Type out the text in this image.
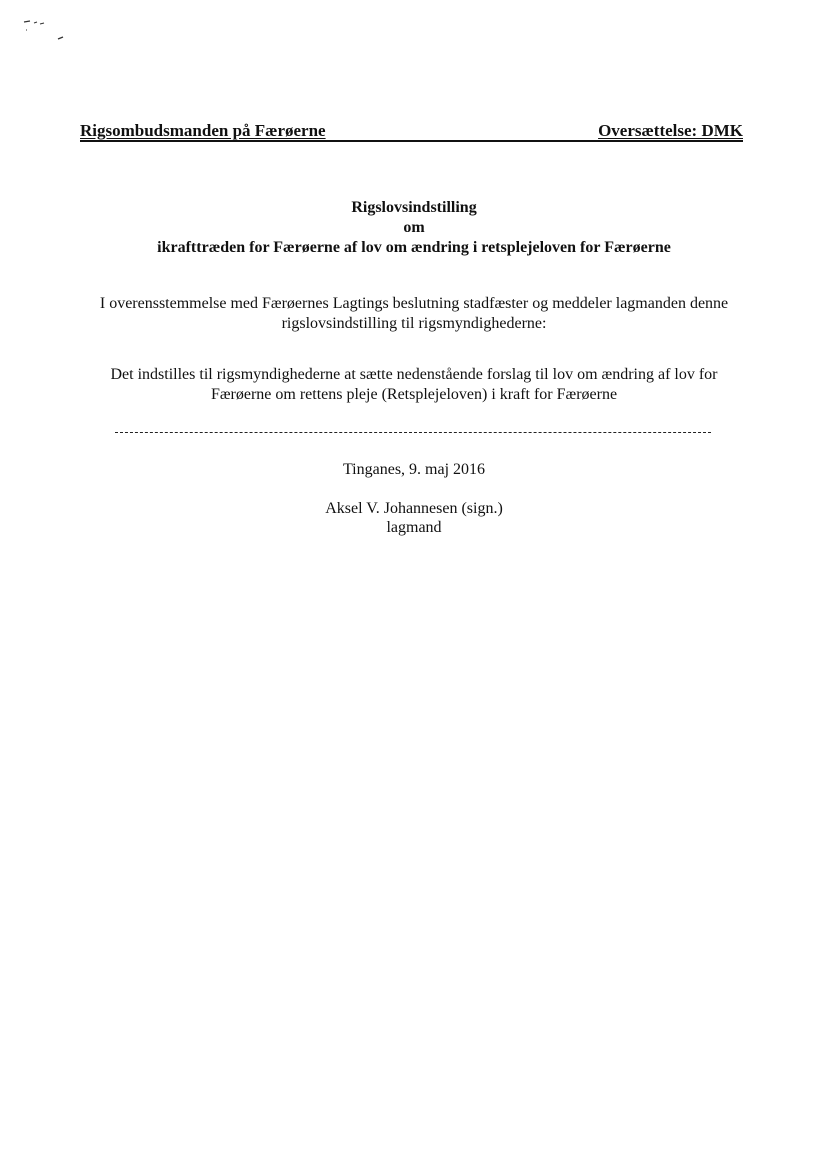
Rigsombudsmanden på Færøerne	Oversættelse: DMK
Rigslovsindstilling
om
ikrafttræden for Færøerne af lov om ændring i retsplejeloven for Færøerne
I overensstemmelse med Færøernes Lagtings beslutning stadfæster og meddeler lagmanden denne
rigslovsindstilling til rigsmyndighederne:
Det indstilles til rigsmyndighederne at sætte nedenstående forslag til lov om ændring af lov for
Færøerne om rettens pleje (Retsplejeloven) i kraft for Færøerne
Tinganes, 9. maj 2016
Aksel V. Johannesen (sign.)
lagmand
